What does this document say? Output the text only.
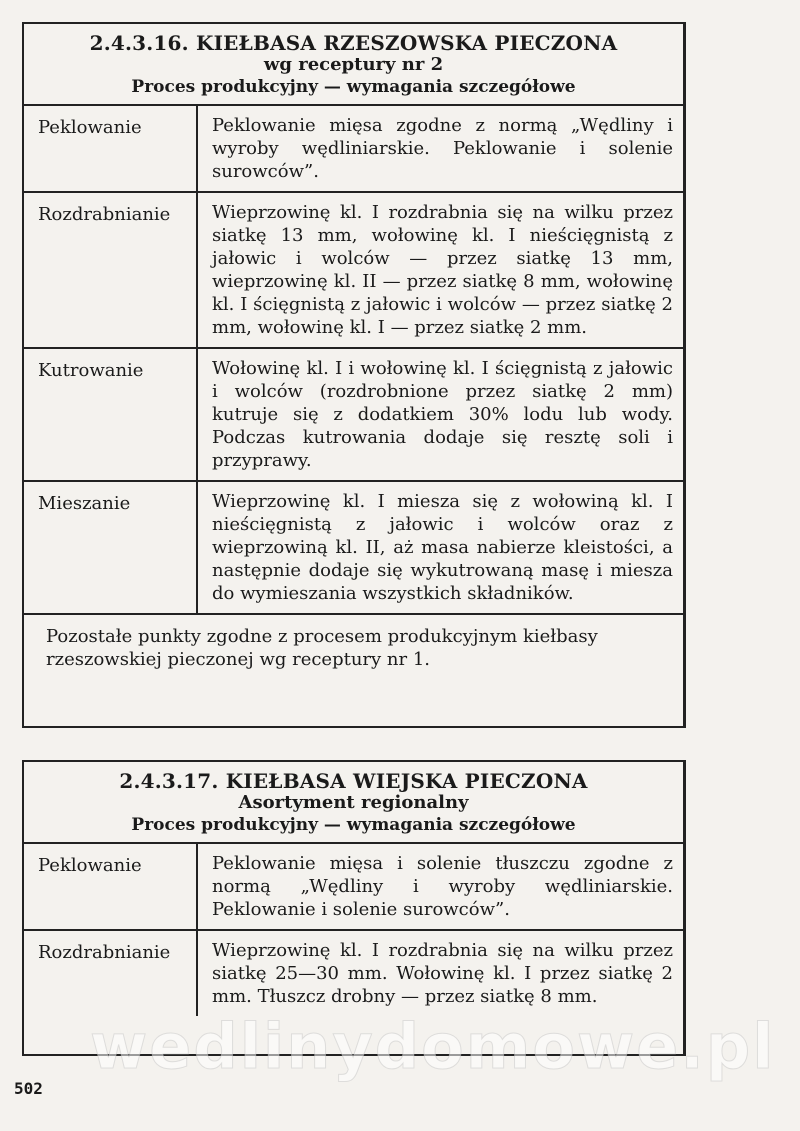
2.4.3.16. KIEŁBASA RZESZOWSKA PIECZONA
wg receptury nr 2
Proces produkcyjny — wymagania szczegółowe
Peklowanie	Peklowanie mięsa zgodne z normą „Wędliny i wyroby wędliniarskie. Peklowanie i solenie surowców”.

Rozdrabnianie	Wieprzowinę kl. I rozdrabnia się na wilku przez siatkę 13 mm, wołowinę kl. I nieścięgnistą z jałowic i wolców — przez siatkę 13 mm, wieprzowinę kl. II — przez siatkę 8 mm, wołowinę kl. I ścięgnistą z jałowic i wolców — przez siatkę 2 mm, wołowinę kl. I — przez siatkę 2 mm.

Kutrowanie	Wołowinę kl. I i wołowinę kl. I ścięgnistą z jałowic i wolców (rozdrobnione przez siatkę 2 mm) kutruje się z dodatkiem 30% lodu lub wody. Podczas kutrowania dodaje się resztę soli i przyprawy.

Mieszanie	Wieprzowinę kl. I miesza się z wołowiną kl. I nieścięgnistą z jałowic i wolców oraz z wieprzowiną kl. II, aż masa nabierze kleistości, a następnie dodaje się wykutrowaną masę i miesza do wymieszania wszystkich składników.

Pozostałe punkty zgodne z procesem produkcyjnym kiełbasy rzeszowskiej pieczonej wg receptury nr 1.
2.4.3.17. KIEŁBASA WIEJSKA PIECZONA
Asortyment regionalny
Proces produkcyjny — wymagania szczegółowe
Peklowanie	Peklowanie mięsa i solenie tłuszczu zgodne z normą „Wędliny i wyroby wędliniarskie. Peklowanie i solenie surowców”.

Rozdrabnianie	Wieprzowinę kl. I rozdrabnia się na wilku przez siatkę 25—30 mm. Wołowinę kl. I przez siatkę 2 mm. Tłuszcz drobny — przez siatkę 8 mm.

wedlinydomowe.pl
502
